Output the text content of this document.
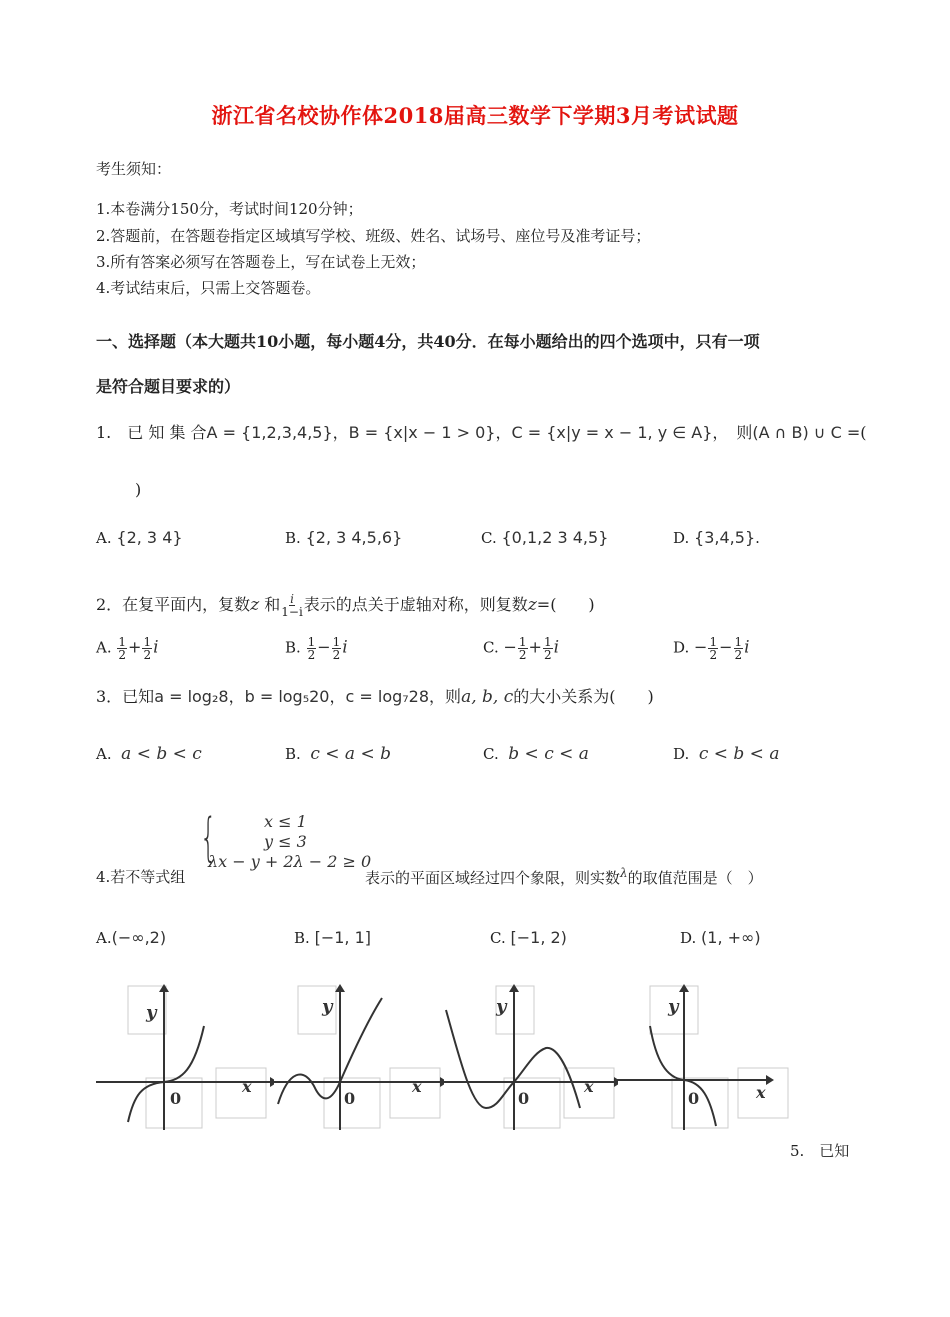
浙江省名校协作体2018届高三数学下学期3月考试试题
考生须知：
1.本卷满分150分，考试时间120分钟；
2.答题前，在答题卷指定区域填写学校、班级、姓名、试场号、座位号及准考证号；
3.所有答案必须写在答题卷上，写在试卷上无效；
4.考试结束后，只需上交答题卷。
一、选择题（本大题共10小题，每小题4分，共40分．在每小题给出的四个选项中，只有一项
是符合题目要求的）
1.　已 知 集 合A = {1,2,3,4,5}，B = {x|x − 1 > 0}，C = {x|y = x − 1, y ∈ A}，　则(A ∩ B) ∪ C =(
)
A. {2, 3 4}	B. {2, 3 4,5,6}	C. {0,1,2 3 4,5}	D. {3,4,5}.
2．在复平面内，复数z 和 $\frac{i}{1-i}$ 表示的点关于虚轴对称，则复数z=(　　)
A. $\frac{1}{2} + \frac{1}{2}$ i	B. $\frac{1}{2} - \frac{1}{2}$ i	C. − $\frac{1}{2} + \frac{1}{2}$ i	D. − $\frac{1}{2} - \frac{1}{2}$ i
3．已知a = log₂8，b = log₅20，c = log₇28，则a, b, c的大小关系为(　　)
A. a < b < c	B. c < a < b	C. b < c < a	D. c < b < a
4.若不等式组
{	x ≤ 1
y ≤ 3
λx − y + 2λ − 2 ≥ 0
表示的平面区域经过四个象限，则实数$^\lambda$的取值范围是（　）
A.(−∞,2)	B. [−1, 1]	C. [−1, 2)	D. (1, +∞)
y
x
0
y
x
0
y
x
0
y
x
0
5.　已知
